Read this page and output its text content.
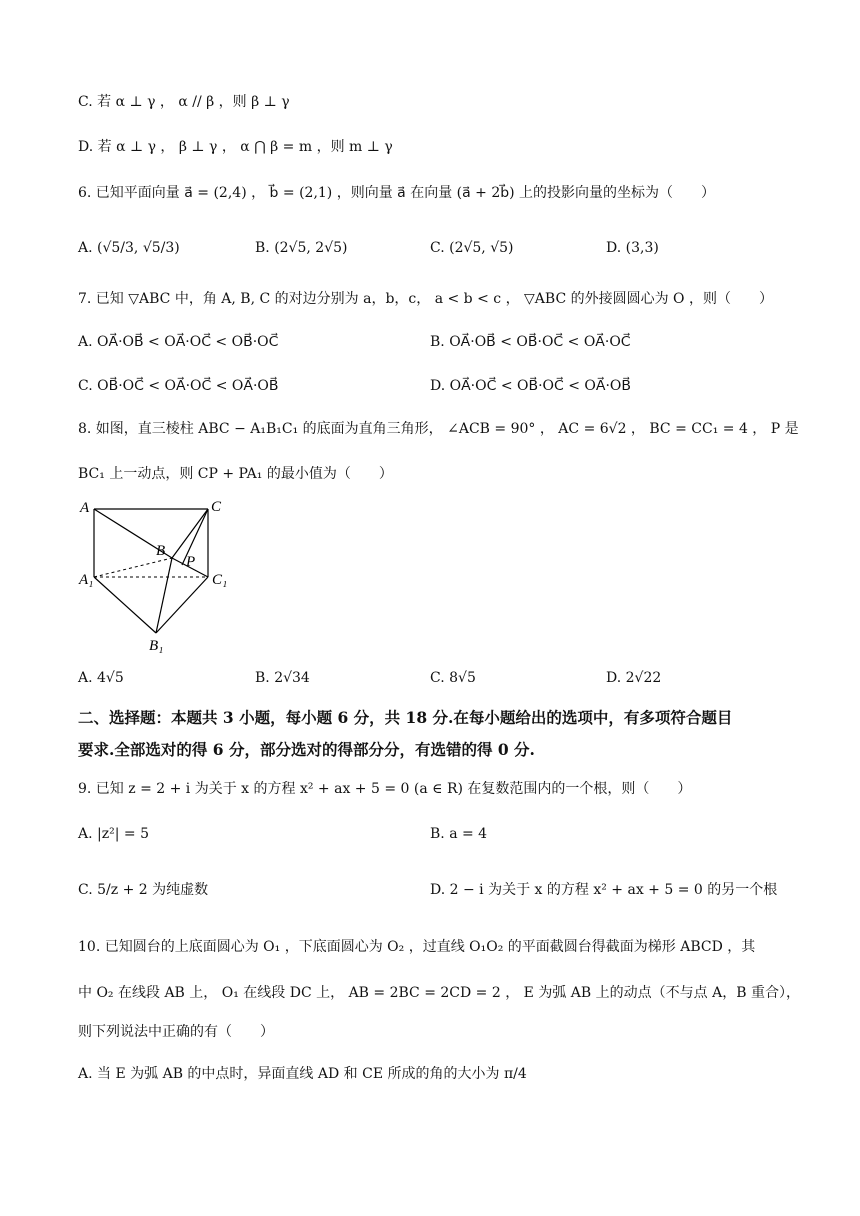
C. 若 α ⊥ γ ， α // β ，则 β ⊥ γ
D. 若 α ⊥ γ ， β ⊥ γ ， α ⋂ β = m ，则 m ⊥ γ
6. 已知平面向量 a⃗ = (2,4) ， b⃗ = (2,1) ，则向量 a⃗ 在向量 (a⃗ + 2b⃗) 上的投影向量的坐标为（　　）
A. (√5/3, √5/3)	B. (2√5, 2√5)	C. (2√5, √5)	D. (3,3)
7. 已知 ▽ABC 中，角 A, B, C 的对边分别为 a，b，c， a < b < c ， ▽ABC 的外接圆圆心为 O ，则（　　）
A. OA⃗·OB⃗ < OA⃗·OC⃗ < OB⃗·OC⃗	B. OA⃗·OB⃗ < OB⃗·OC⃗ < OA⃗·OC⃗
C. OB⃗·OC⃗ < OA⃗·OC⃗ < OA⃗·OB⃗	D. OA⃗·OC⃗ < OB⃗·OC⃗ < OA⃗·OB⃗
8. 如图，直三棱柱 ABC − A₁B₁C₁ 的底面为直角三角形， ∠ACB = 90° ， AC = 6√2 ， BC = CC₁ = 4 ， P 是
BC₁ 上一动点，则 CP + PA₁ 的最小值为（　　）
A	C
B
P
A₁	C₁
B₁
A. 4√5	B. 2√34	C. 8√5	D. 2√22
二、选择题：本题共 3 小题，每小题 6 分，共 18 分.在每小题给出的选项中，有多项符合题目
要求.全部选对的得 6 分，部分选对的得部分分，有选错的得 0 分.
9. 已知 z = 2 + i 为关于 x 的方程 x² + ax + 5 = 0 (a ∈ R) 在复数范围内的一个根，则（　　）
A. |z²| = 5	B. a = 4
C. 5/z + 2 为纯虚数	D. 2 − i 为关于 x 的方程 x² + ax + 5 = 0 的另一个根
10. 已知圆台的上底面圆心为 O₁ ，下底面圆心为 O₂ ，过直线 O₁O₂ 的平面截圆台得截面为梯形 ABCD ，其
中 O₂ 在线段 AB 上， O₁ 在线段 DC 上， AB = 2BC = 2CD = 2 ， E 为弧 AB 上的动点（不与点 A，B 重合），
则下列说法中正确的有（　　）
A. 当 E 为弧 AB 的中点时，异面直线 AD 和 CE 所成的角的大小为 π/4
